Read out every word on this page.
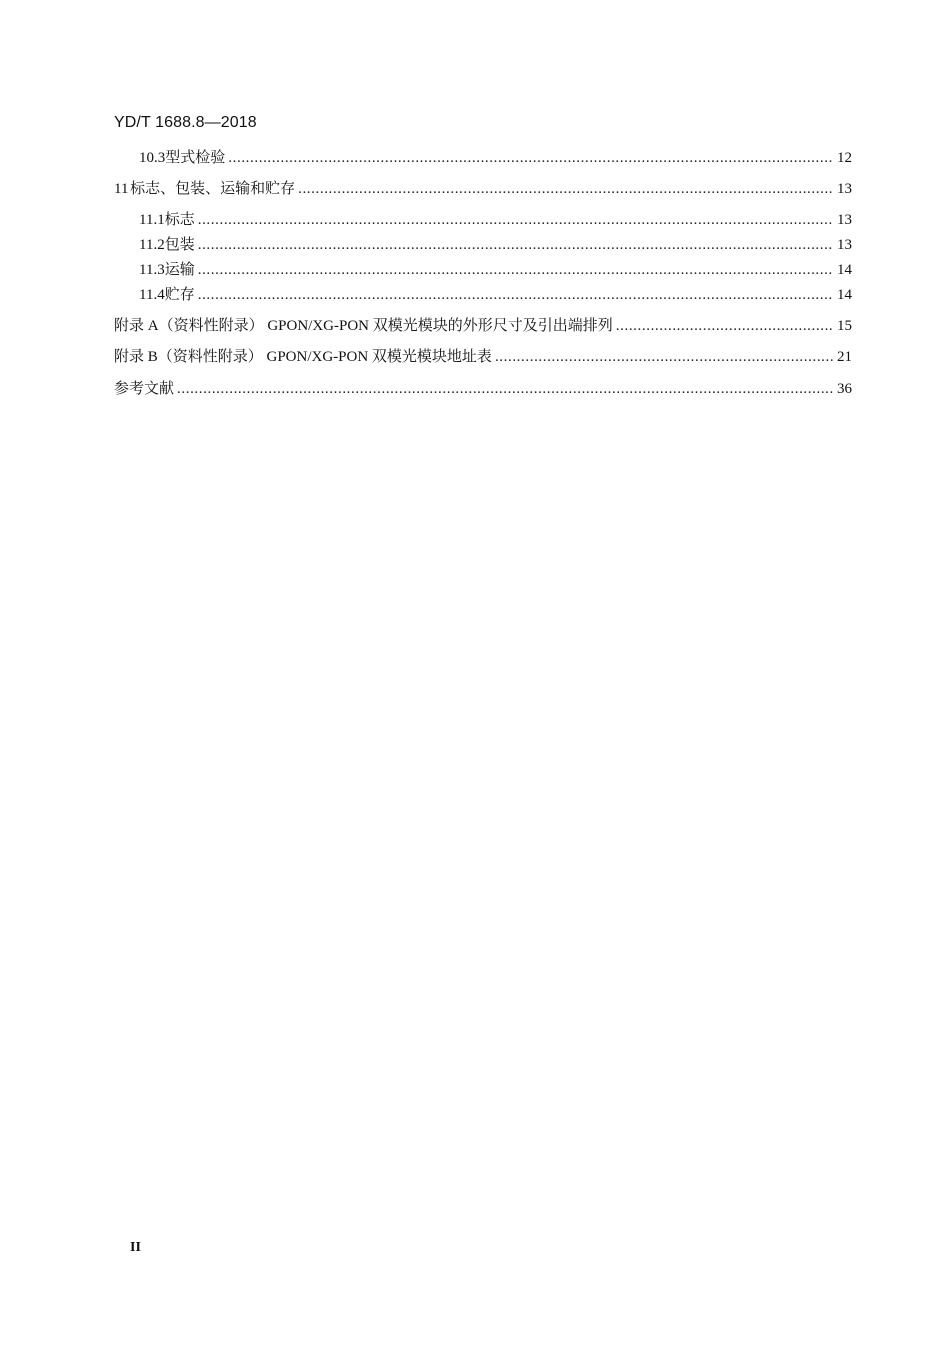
YD/T 1688.8—2018
10.3 型式检验 .....	12
11 标志、包装、运输和贮存 .....	13
11.1 标志 .....	13
11.2 包装 .....	13
11.3 运输 .....	14
11.4 贮存 .....	14
附录 A（资料性附录） GPON/XG-PON 双模光模块的外形尺寸及引出端排列 .....	15
附录 B（资料性附录） GPON/XG-PON 双模光模块地址表 .....	21
参考文献 .....	36
II
